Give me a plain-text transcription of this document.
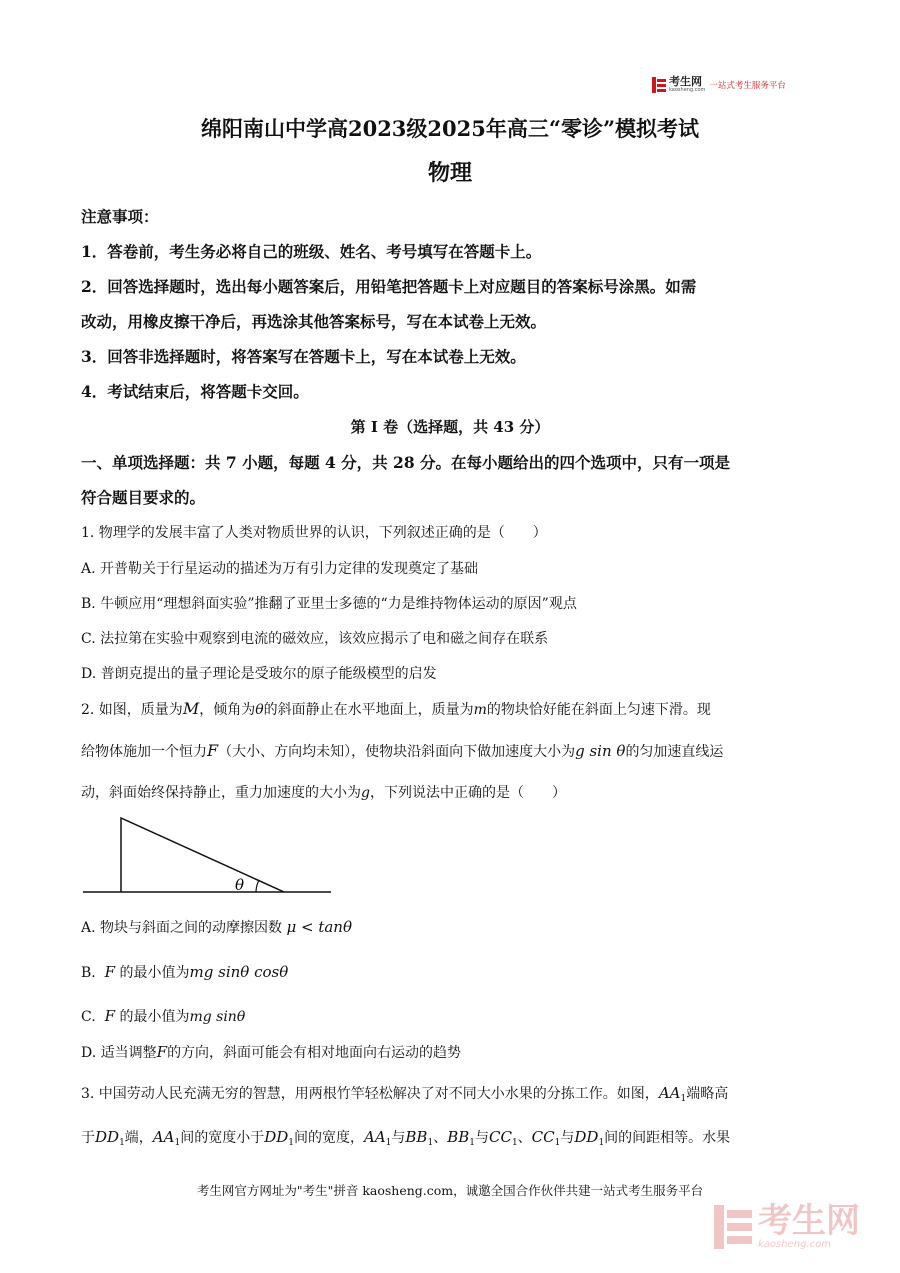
考生网
kaosheng.com 一站式考生服务平台
绵阳南山中学高2023级2025年高三“零诊”模拟考试
物理
注意事项：
1．答卷前，考生务必将自己的班级、姓名、考号填写在答题卡上。
2．回答选择题时，选出每小题答案后，用铅笔把答题卡上对应题目的答案标号涂黑。如需
改动，用橡皮擦干净后，再选涂其他答案标号，写在本试卷上无效。
3．回答非选择题时，将答案写在答题卡上，写在本试卷上无效。
4．考试结束后，将答题卡交回。
第 I 卷（选择题，共 43 分）
一、单项选择题：共 7 小题，每题 4 分，共 28 分。在每小题给出的四个选项中，只有一项是
符合题目要求的。
1. 物理学的发展丰富了人类对物质世界的认识，下列叙述正确的是（　　）
A. 开普勒关于行星运动的描述为万有引力定律的发现奠定了基础
B. 牛顿应用“理想斜面实验”推翻了亚里士多德的“力是维持物体运动的原因”观点
C. 法拉第在实验中观察到电流的磁效应，该效应揭示了电和磁之间存在联系
D. 普朗克提出的量子理论是受玻尔的原子能级模型的启发
2. 如图，质量为M，倾角为θ的斜面静止在水平地面上，质量为m的物块恰好能在斜面上匀速下滑。现
给物体施加一个恒力F（大小、方向均未知），使物块沿斜面向下做加速度大小为g sin θ的匀加速直线运
动，斜面始终保持静止，重力加速度的大小为g，下列说法中正确的是（　　）
θ
A. 物块与斜面之间的动摩擦因数 μ < tanθ
B. F 的最小值为mg sinθ cosθ
C. F 的最小值为mg sinθ
D. 适当调整F的方向，斜面可能会有相对地面向右运动的趋势
3. 中国劳动人民充满无穷的智慧，用两根竹竿轻松解决了对不同大小水果的分拣工作。如图，$AA_1$端略高
于$DD_1$端，$AA_1$间的宽度小于$DD_1$间的宽度，$AA_1$与$BB_1$、$BB_1$与$CC_1$、$CC_1$与$DD_1$间的间距相等。水果
考生网官方网址为"考生"拼音 kaosheng.com，诚邀全国合作伙伴共建一站式考生服务平台
考生网
kaosheng.com
